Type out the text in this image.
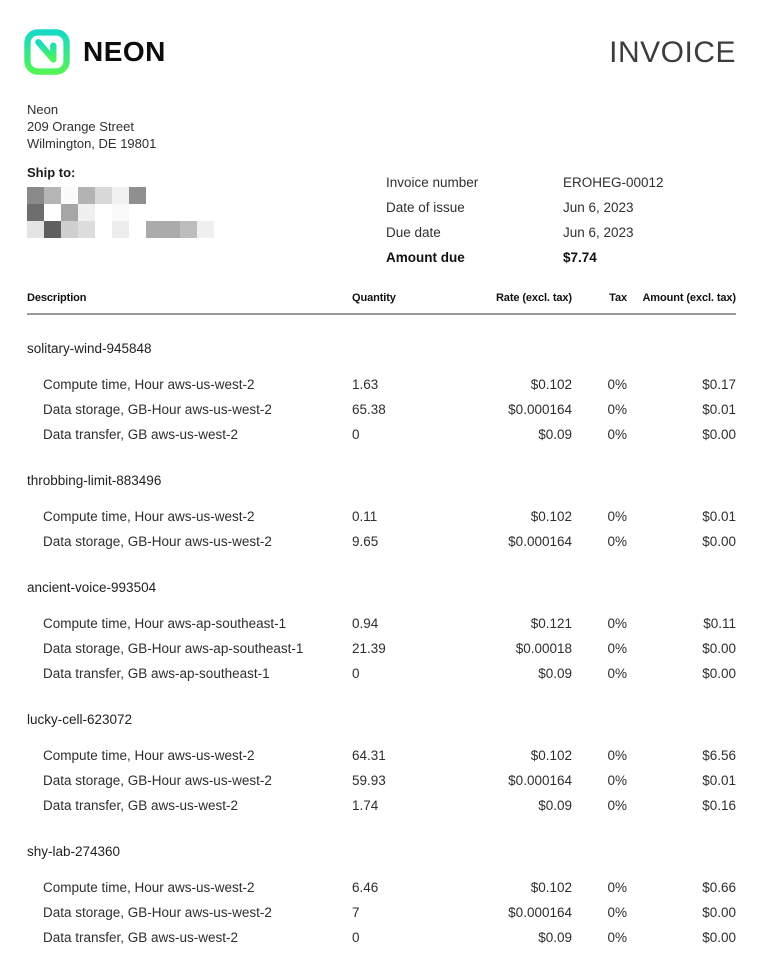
NEON	INVOICE
Neon
209 Orange Street
Wilmington, DE 19801
Ship to:
Invoice number	EROHEG-00012
Date of issue	Jun 6, 2023
Due date	Jun 6, 2023
Amount due	$7.74
Description	Quantity	Rate (excl. tax)	Tax	Amount (excl. tax)
solitary-wind-945848
Compute time, Hour aws-us-west-2	1.63	$0.102	0%	$0.17
Data storage, GB-Hour aws-us-west-2	65.38	$0.000164	0%	$0.01
Data transfer, GB aws-us-west-2	0	$0.09	0%	$0.00
throbbing-limit-883496
Compute time, Hour aws-us-west-2	0.11	$0.102	0%	$0.01
Data storage, GB-Hour aws-us-west-2	9.65	$0.000164	0%	$0.00
ancient-voice-993504
Compute time, Hour aws-ap-southeast-1	0.94	$0.121	0%	$0.11
Data storage, GB-Hour aws-ap-southeast-1	21.39	$0.00018	0%	$0.00
Data transfer, GB aws-ap-southeast-1	0	$0.09	0%	$0.00
lucky-cell-623072
Compute time, Hour aws-us-west-2	64.31	$0.102	0%	$6.56
Data storage, GB-Hour aws-us-west-2	59.93	$0.000164	0%	$0.01
Data transfer, GB aws-us-west-2	1.74	$0.09	0%	$0.16
shy-lab-274360
Compute time, Hour aws-us-west-2	6.46	$0.102	0%	$0.66
Data storage, GB-Hour aws-us-west-2	7	$0.000164	0%	$0.00
Data transfer, GB aws-us-west-2	0	$0.09	0%	$0.00
